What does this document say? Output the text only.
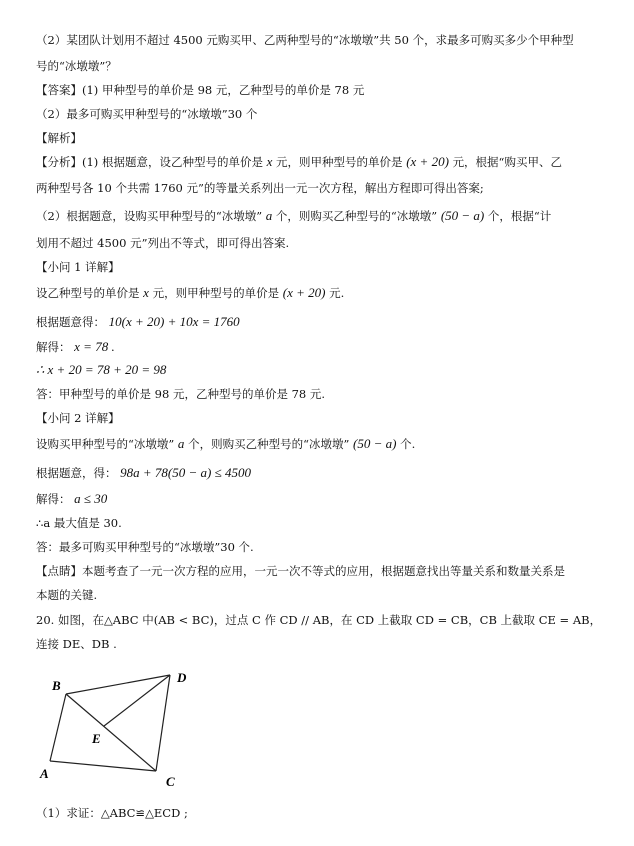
（2）某团队计划用不超过 4500 元购买甲、乙两种型号的“冰墩墩”共 50 个，求最多可购买多少个甲种型
号的“冰墩墩”？
【答案】(1) 甲种型号的单价是 98 元，乙种型号的单价是 78 元
（2）最多可购买甲种型号的“冰墩墩”30 个
【解析】
【分析】(1) 根据题意，设乙种型号的单价是 x 元，则甲种型号的单价是 (x + 20) 元，根据“购买甲、乙
两种型号各 10 个共需 1760 元”的等量关系列出一元一次方程，解出方程即可得出答案;
（2）根据题意，设购买甲种型号的“冰墩墩” a 个，则购买乙种型号的“冰墩墩” (50 − a) 个，根据“计
划用不超过 4500 元”列出不等式，即可得出答案.
【小问 1 详解】
设乙种型号的单价是 x 元，则甲种型号的单价是 (x + 20) 元.
根据题意得： 10(x + 20) + 10x = 1760
解得： x = 78 .
∴ x + 20 = 78 + 20 = 98
答：甲种型号的单价是 98 元，乙种型号的单价是 78 元.
【小问 2 详解】
设购买甲种型号的“冰墩墩” a 个，则购买乙种型号的“冰墩墩” (50 − a) 个.
根据题意，得： 98a + 78(50 − a) ≤ 4500
解得： a ≤ 30
∴a 最大值是 30.
答：最多可购买甲种型号的“冰墩墩”30 个.
【点睛】本题考查了一元一次方程的应用，一元一次不等式的应用，根据题意找出等量关系和数量关系是
本题的关键.
20. 如图，在△ABC 中(AB < BC)，过点 C 作 CD // AB，在 CD 上截取 CD = CB，CB 上截取 CE = AB，
连接 DE、DB .
B
D
E
A
C
（1）求证：△ABC≌△ECD ;
